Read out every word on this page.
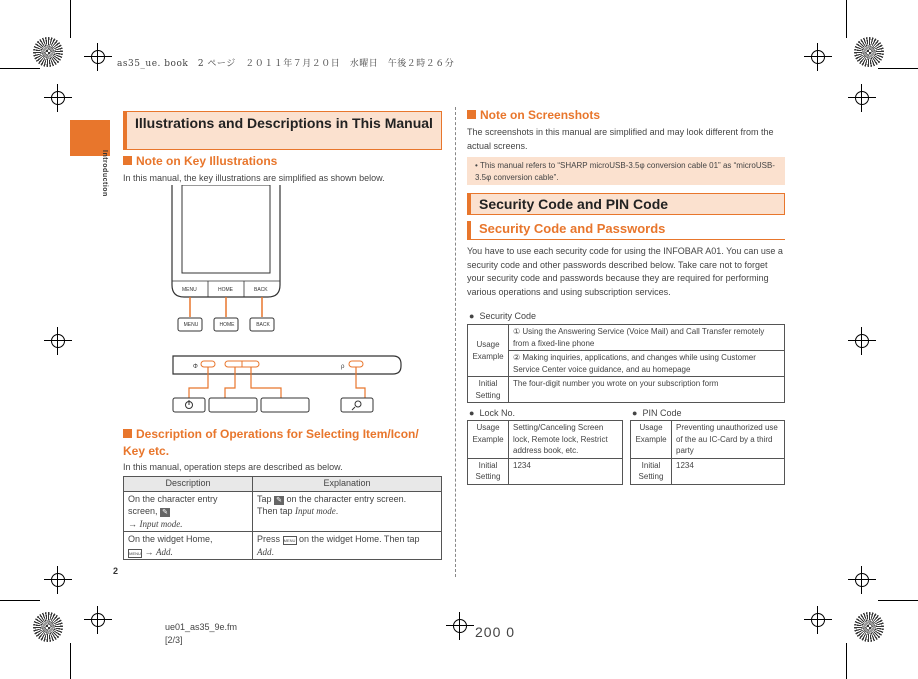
as35_ue. book　2 ページ　２０１１年７月２０日　水曜日　午後２時２６分
Introduction
Illustrations and Descriptions in This Manual
Note on Key Illustrations
In this manual, the key illustrations are simplified as shown below.
MENU	HOME	BACK
MENU	HOME	BACK
Φ	ρ
Description of Operations for Selecting Item/Icon/ Key etc.
In this manual, operation steps are described as below.
Description	Explanation
On the character entry screen, ✎
→ Input mode.	Tap ✎ on the character entry screen.
Then tap Input mode.
On the widget Home,
MENU → Add.	Press MENU on the widget Home. Then tap
Add.
Note on Screenshots
The screenshots in this manual are simplified and may look different from the actual screens.
• This manual refers to “SHARP microUSB-3.5φ conversion cable 01” as “microUSB-3.5φ conversion cable”.
Security Code and PIN Code
Security Code and Passwords
You have to use each security code for using the INFOBAR A01. You can use a security code and other passwords described below. Take care not to forget your security code and passwords because they are required for performing various operations and using subscription services.
● Security Code
Usage Example	① Using the Answering Service (Voice Mail) and Call Transfer remotely from a fixed-line phone
	② Making inquiries, applications, and changes while using Customer Service Center voice guidance, and au homepage
Initial Setting	The four-digit number you wrote on your subscription form
● Lock No.
Usage Example	Setting/Canceling Screen lock, Remote lock, Restrict address book, etc.
Initial Setting	1234
● PIN Code
Usage Example	Preventing unauthorized use of the au IC-Card by a third party
Initial Setting	1234
2
ue01_as35_9e.fm
[2/3]	200 0
